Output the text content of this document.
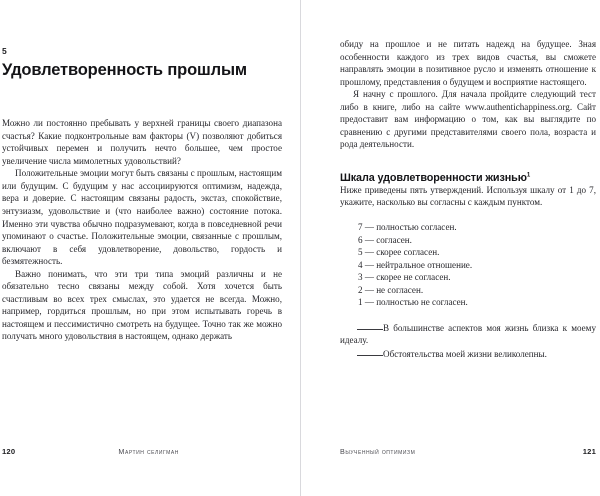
5
Удовлетворенность прошлым

Можно ли постоянно пребывать у верхней границы своего диапазона счастья? Какие подконтрольные вам факторы (V) позволяют добиться устойчивых перемен и получить нечто большее, чем простое увеличение числа мимолетных удовольствий?

Положительные эмоции могут быть связаны с прошлым, настоящим или будущим. С будущим у нас ассоциируются оптимизм, надежда, вера и доверие. С настоящим связаны радость, экстаз, спокойствие, энтузиазм, удовольствие и (что наиболее важно) состояние потока. Именно эти чувства обычно подразумевают, когда в повседневной речи упоминают о счастье. Положительные эмоции, связанные с прошлым, включают в себя удовлетворение, довольство, гордость и безмятежность.

Важно понимать, что эти три типа эмоций различны и не обязательно тесно связаны между собой. Хотя хочется быть счастливым во всех трех смыслах, это удается не всегда. Можно, например, гордиться прошлым, но при этом испытывать горечь в настоящем и пессимистично смотреть на будущее. Точно так же можно получать много удовольствия в настоящем, однако держать

120	мартин селигман

обиду на прошлое и не питать надежд на будущее. Зная особенности каждого из трех видов счастья, вы сможете направлять эмоции в позитивное русло и изменять отношение к прошлому, представления о будущем и восприятие настоящего.

Я начну с прошлого. Для начала пройдите следующий тест либо в книге, либо на сайте www.authentichappiness.org. Сайт предоставит вам информацию о том, как вы выглядите по сравнению с другими представителями своего пола, возраста и рода деятельности.

Шкала удовлетворенности жизнью$^1$

Ниже приведены пять утверждений. Используя шкалу от 1 до 7, укажите, насколько вы согласны с каждым пунктом.

7 — полностью согласен.
6 — согласен.
5 — скорее согласен.
4 — нейтральное отношение.
3 — скорее не согласен.
2 — не согласен.
1 — полностью не согласен.

В большинстве аспектов моя жизнь близка к моему идеалу.

Обстоятельства моей жизни великолепны.

Выученный оптимизм	121
